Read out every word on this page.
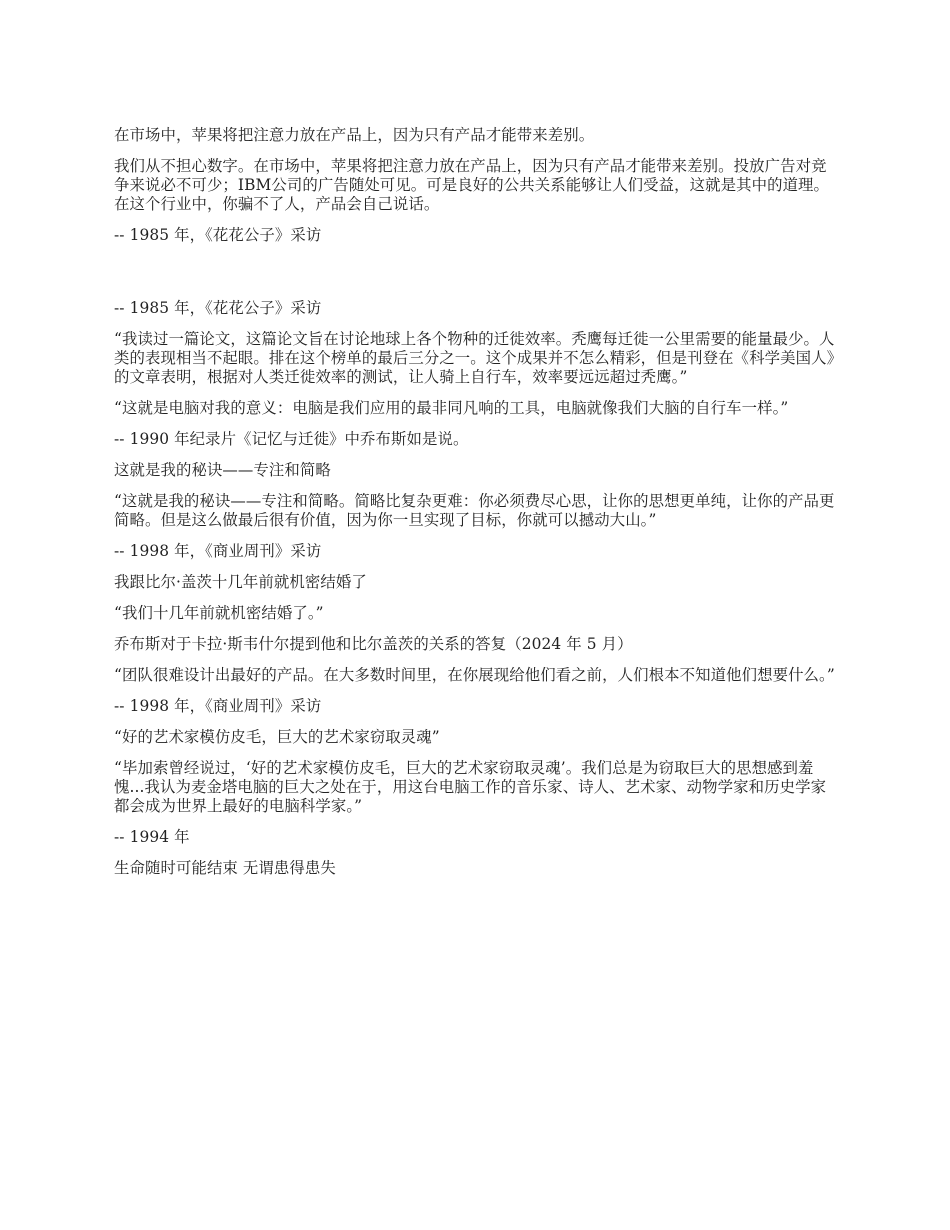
在市场中，苹果将把注意力放在产品上，因为只有产品才能带来差别。

我们从不担心数字。在市场中，苹果将把注意力放在产品上，因为只有产品才能带来差别。投放广告对竞争来说必不可少；IBM公司的广告随处可见。可是良好的公共关系能够让人们受益，这就是其中的道理。在这个行业中，你骗不了人，产品会自己说话。

-- 1985 年，《花花公子》采访

-- 1985 年，《花花公子》采访

“我读过一篇论文，这篇论文旨在讨论地球上各个物种的迁徙效率。秃鹰每迁徙一公里需要的能量最少。人类的表现相当不起眼。排在这个榜单的最后三分之一。这个成果并不怎么精彩，但是刊登在《科学美国人》的文章表明，根据对人类迁徙效率的测试，让人骑上自行车，效率要远远超过秃鹰。”

“这就是电脑对我的意义：电脑是我们应用的最非同凡响的工具，电脑就像我们大脑的自行车一样。”

-- 1990 年纪录片《记忆与迁徙》中乔布斯如是说。

这就是我的秘诀——专注和简略

“这就是我的秘诀——专注和简略。简略比复杂更难：你必须费尽心思，让你的思想更单纯，让你的产品更简略。但是这么做最后很有价值，因为你一旦实现了目标，你就可以撼动大山。”

-- 1998 年，《商业周刊》采访

我跟比尔·盖茨十几年前就机密结婚了

“我们十几年前就机密结婚了。”

乔布斯对于卡拉·斯韦什尔提到他和比尔盖茨的关系的答复（2024 年 5 月）

“团队很难设计出最好的产品。在大多数时间里，在你展现给他们看之前，人们根本不知道他们想要什么。”

-- 1998 年，《商业周刊》采访

“好的艺术家模仿皮毛，巨大的艺术家窃取灵魂”

“毕加索曾经说过，‘好的艺术家模仿皮毛，巨大的艺术家窃取灵魂’。我们总是为窃取巨大的思想感到羞愧...我认为麦金塔电脑的巨大之处在于，用这台电脑工作的音乐家、诗人、艺术家、动物学家和历史学家都会成为世界上最好的电脑科学家。”

-- 1994 年

生命随时可能结束 无谓患得患失
